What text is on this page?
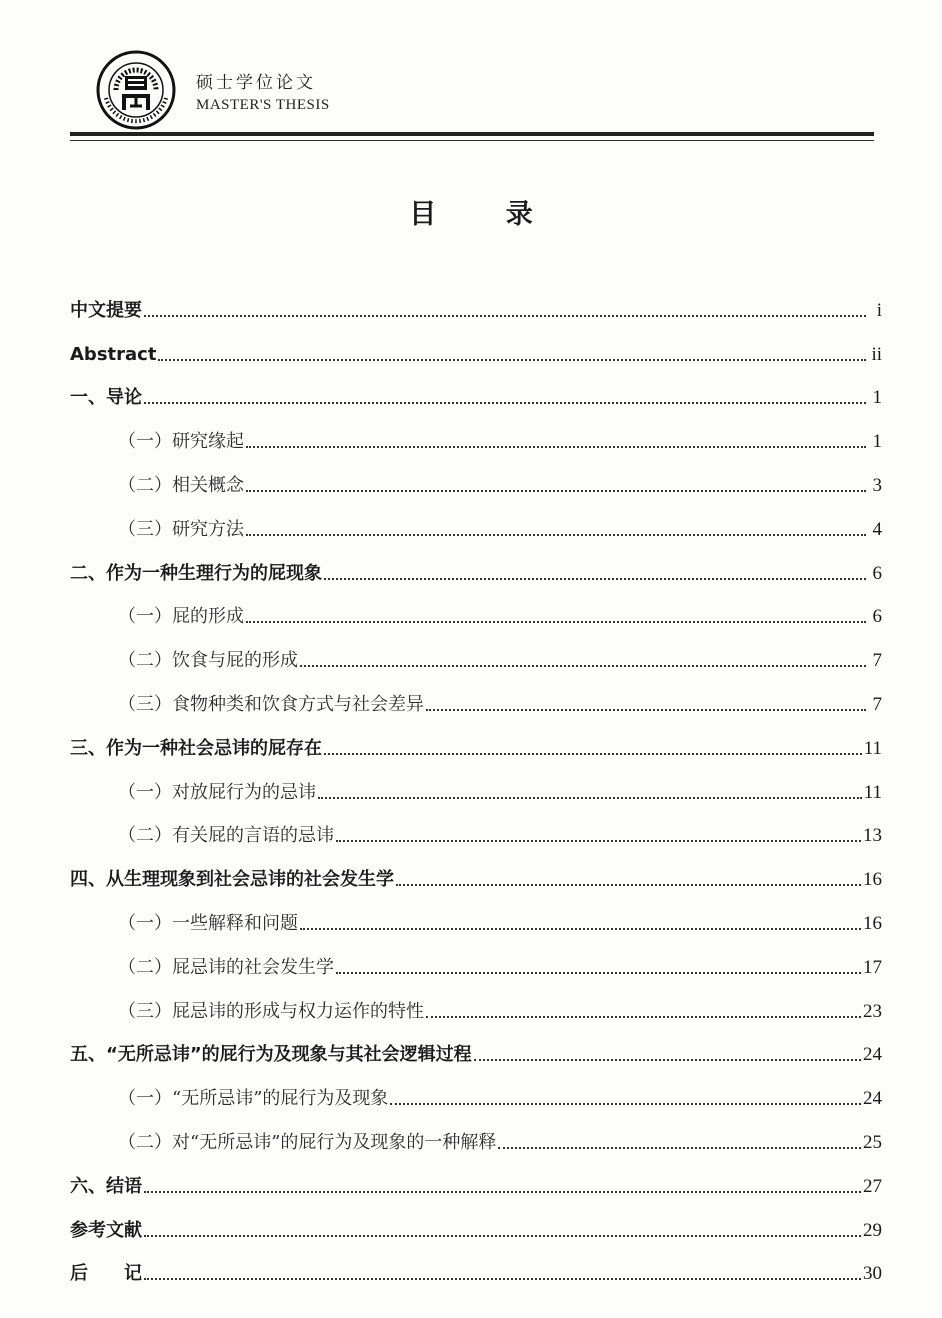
硕士学位论文
MASTER'S THESIS
目 录
中文提要	i
Abstract	ii
一、导论	1
（一）研究缘起	1
（二）相关概念	3
（三）研究方法	4
二、作为一种生理行为的屁现象	6
（一）屁的形成	6
（二）饮食与屁的形成	7
（三）食物种类和饮食方式与社会差异	7
三、作为一种社会忌讳的屁存在	11
（一）对放屁行为的忌讳	11
（二）有关屁的言语的忌讳	13
四、从生理现象到社会忌讳的社会发生学	16
（一）一些解释和问题	16
（二）屁忌讳的社会发生学	17
（三）屁忌讳的形成与权力运作的特性	23
五、“无所忌讳”的屁行为及现象与其社会逻辑过程	24
（一）“无所忌讳”的屁行为及现象	24
（二）对“无所忌讳”的屁行为及现象的一种解释	25
六、结语	27
参考文献	29
后　　记	30
